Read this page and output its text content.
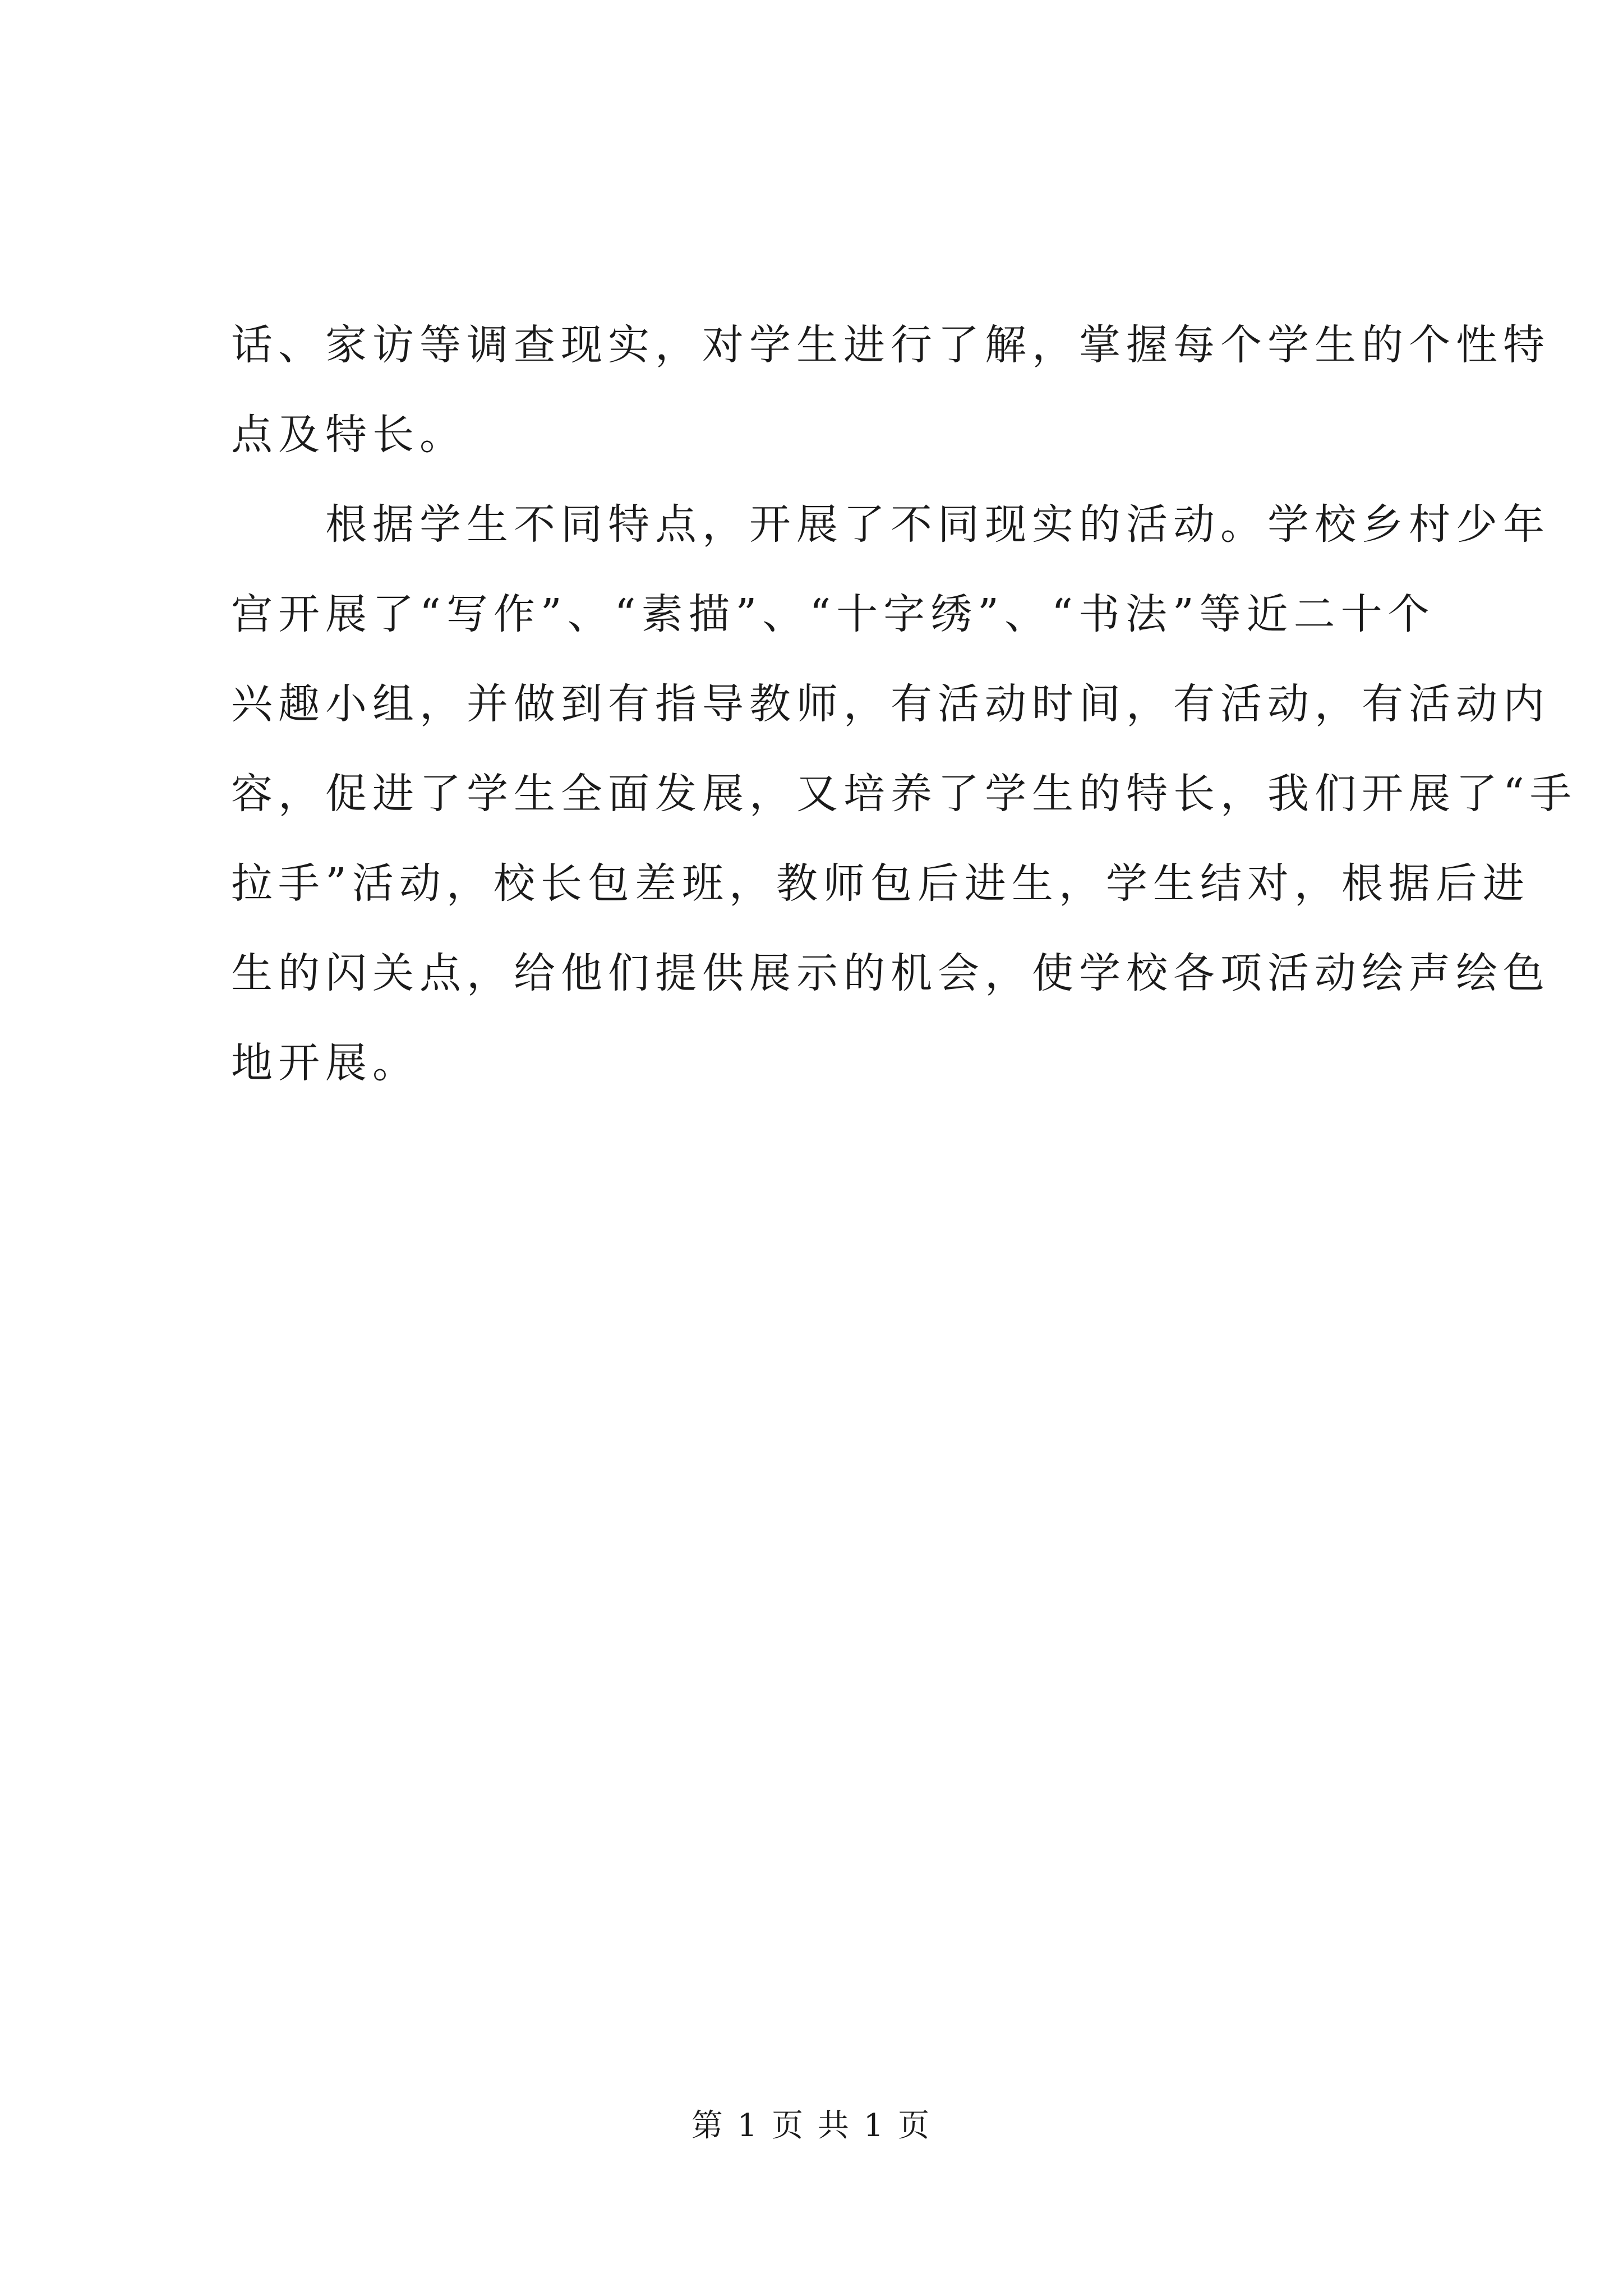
话、家访等调查现实，对学生进行了解，掌握每个学生的个性特
点及特长。
根据学生不同特点，开展了不同现实的活动。学校乡村少年
宫开展了“写作”、“素描”、“十字绣”、“书法”等近二十个
兴趣小组，并做到有指导教师，有活动时间，有活动，有活动内
容，促进了学生全面发展，又培养了学生的特长，我们开展了“手
拉手”活动，校长包差班，教师包后进生，学生结对，根据后进
生的闪关点，给他们提供展示的机会，使学校各项活动绘声绘色
地开展。
第 1 页 共 1 页
